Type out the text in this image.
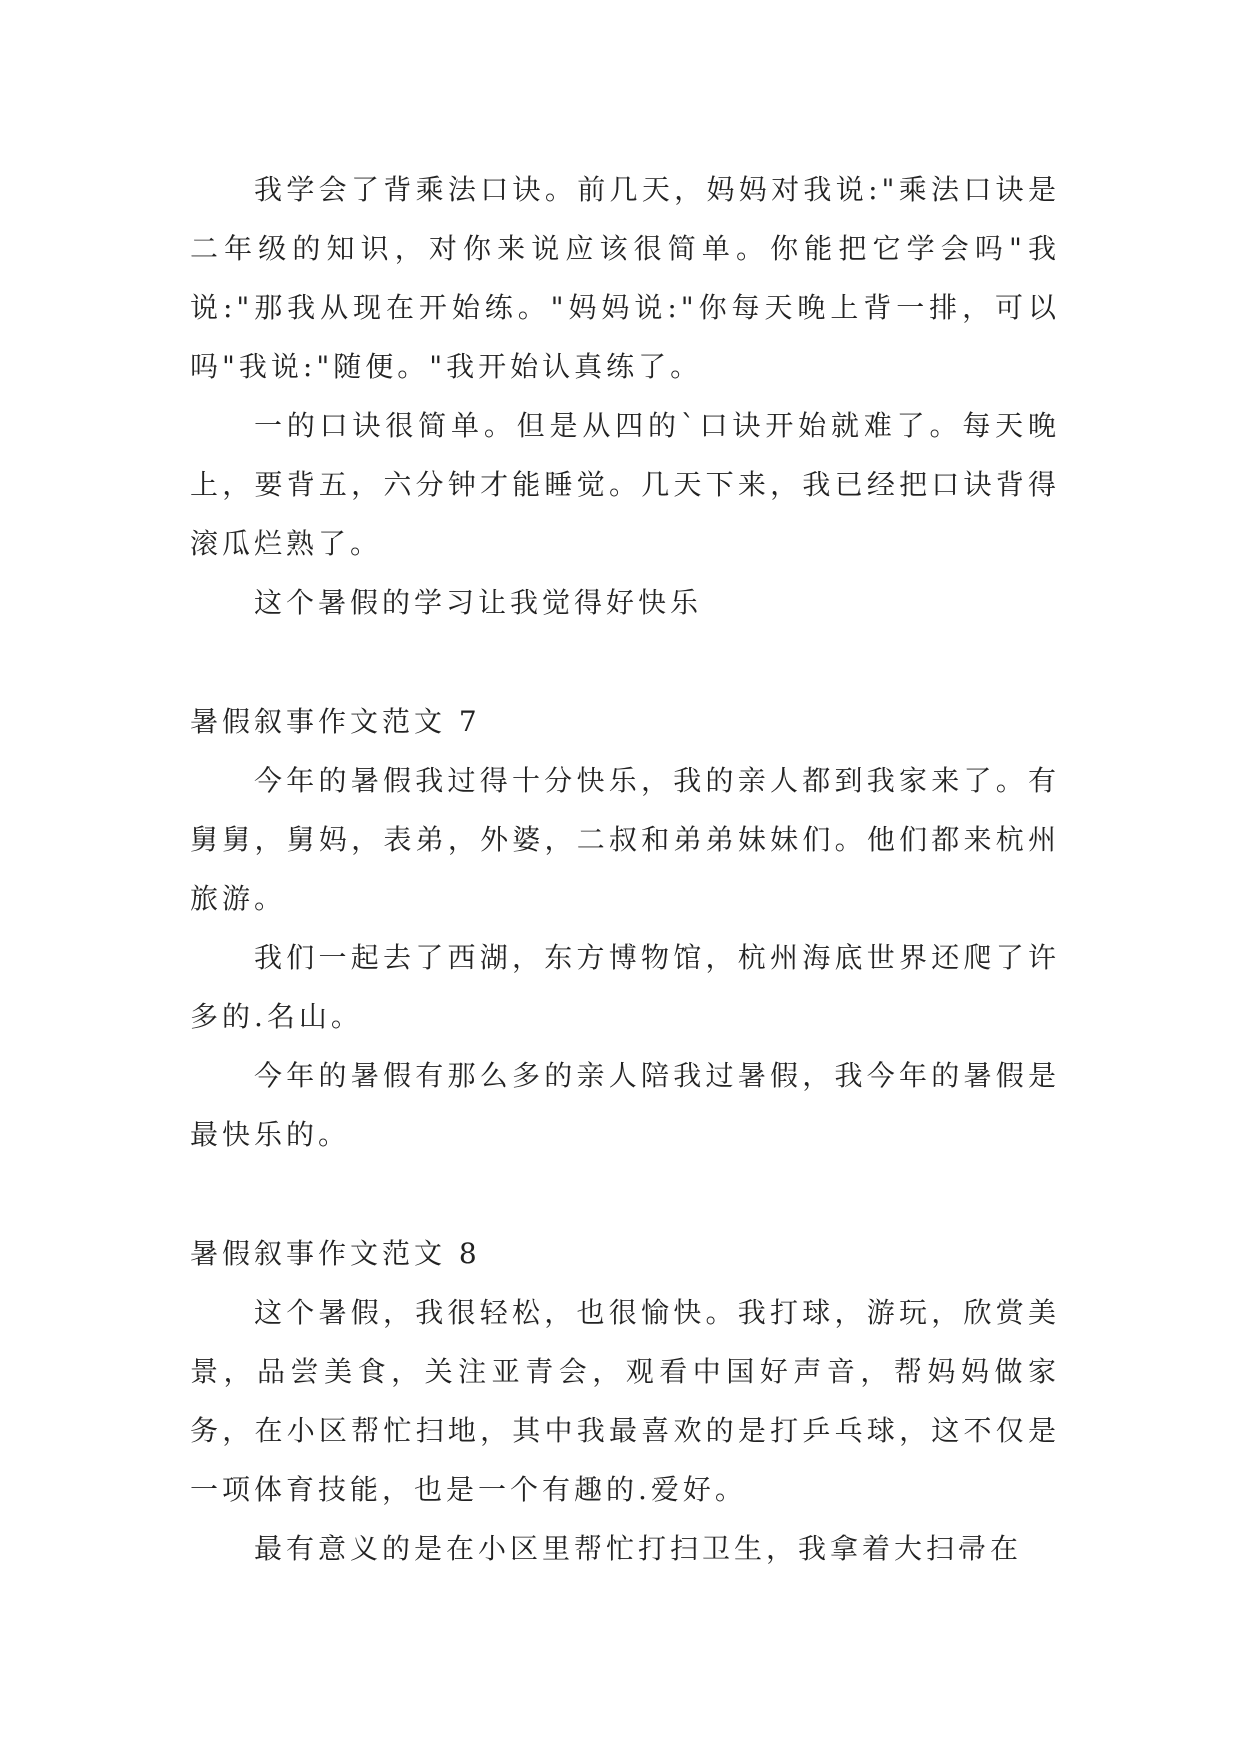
我学会了背乘法口诀。前几天，妈妈对我说:"乘法口诀是二年级的知识，对你来说应该很简单。你能把它学会吗"我说:"那我从现在开始练。"妈妈说:"你每天晚上背一排，可以吗"我说:"随便。"我开始认真练了。

一的口诀很简单。但是从四的`口诀开始就难了。每天晚上，要背五，六分钟才能睡觉。几天下来，我已经把口诀背得滚瓜烂熟了。

这个暑假的学习让我觉得好快乐

暑假叙事作文范文 7

今年的暑假我过得十分快乐，我的亲人都到我家来了。有舅舅，舅妈，表弟，外婆，二叔和弟弟妹妹们。他们都来杭州旅游。

我们一起去了西湖，东方博物馆，杭州海底世界还爬了许多的.名山。

今年的暑假有那么多的亲人陪我过暑假，我今年的暑假是最快乐的。

暑假叙事作文范文 8

这个暑假，我很轻松，也很愉快。我打球，游玩，欣赏美景，品尝美食，关注亚青会，观看中国好声音，帮妈妈做家务，在小区帮忙扫地，其中我最喜欢的是打乒乓球，这不仅是一项体育技能，也是一个有趣的.爱好。

最有意义的是在小区里帮忙打扫卫生，我拿着大扫帚在
